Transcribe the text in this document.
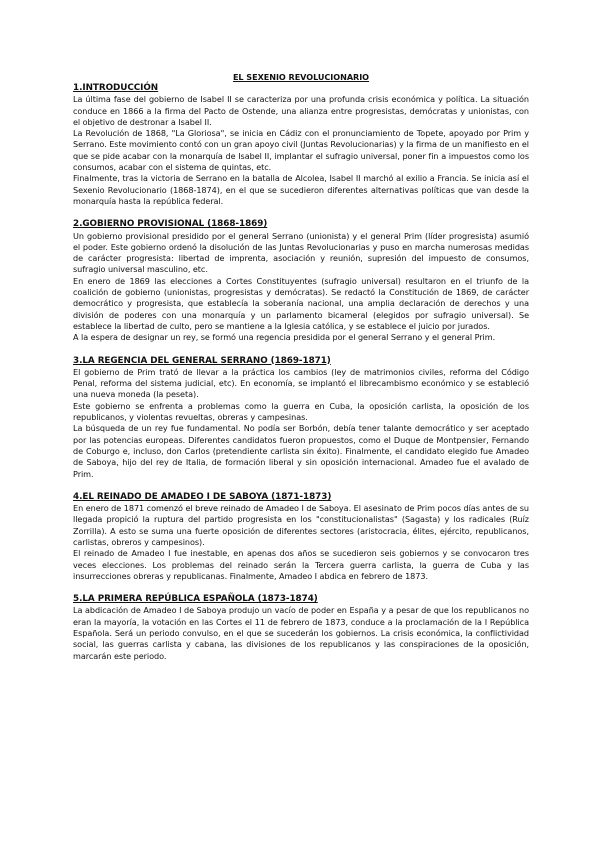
EL SEXENIO REVOLUCIONARIO

1.INTRODUCCIÓN

La última fase del gobierno de Isabel II se caracteriza por una profunda crisis económica y política. La situación conduce en 1866 a la firma del Pacto de Ostende, una alianza entre progresistas, demócratas y unionistas, con el objetivo de destronar a Isabel II.

La Revolución de 1868, "La Gloriosa", se inicia en Cádiz con el pronunciamiento de Topete, apoyado por Prim y Serrano. Este movimiento contó con un gran apoyo civil (Juntas Revolucionarias) y la firma de un manifiesto en el que se pide acabar con la monarquía de Isabel II, implantar el sufragio universal, poner fin a impuestos como los consumos, acabar con el sistema de quintas, etc.

Finalmente, tras la victoria de Serrano en la batalla de Alcolea, Isabel II marchó al exilio a Francia. Se inicia así el Sexenio Revolucionario (1868-1874), en el que se sucedieron diferentes alternativas políticas que van desde la monarquía hasta la república federal.

2.GOBIERNO PROVISIONAL (1868-1869)

Un gobierno provisional presidido por el general Serrano (unionista) y el general Prim (líder progresista) asumió el poder. Este gobierno ordenó la disolución de las Juntas Revolucionarias y puso en marcha numerosas medidas de carácter progresista: libertad de imprenta, asociación y reunión, supresión del impuesto de consumos, sufragio universal masculino, etc.

En enero de 1869 las elecciones a Cortes Constituyentes (sufragio universal) resultaron en el triunfo de la coalición de gobierno (unionistas, progresistas y demócratas). Se redactó la Constitución de 1869, de carácter democrático y progresista, que establecía la soberanía nacional, una amplia declaración de derechos y una división de poderes con una monarquía y un parlamento bicameral (elegidos por sufragio universal). Se establece la libertad de culto, pero se mantiene a la Iglesia católica, y se establece el juicio por jurados.

A la espera de designar un rey, se formó una regencia presidida por el general Serrano y el general Prim.

3.LA REGENCIA DEL GENERAL SERRANO (1869-1871)

El gobierno de Prim trató de llevar a la práctica los cambios (ley de matrimonios civiles, reforma del Código Penal, reforma del sistema judicial, etc). En economía, se implantó el librecambismo económico y se estableció una nueva moneda (la peseta).

Este gobierno se enfrenta a problemas como la guerra en Cuba, la oposición carlista, la oposición de los republicanos, y violentas revueltas, obreras y campesinas.

La búsqueda de un rey fue fundamental. No podía ser Borbón, debía tener talante democrático y ser aceptado por las potencias europeas. Diferentes candidatos fueron propuestos, como el Duque de Montpensier, Fernando de Coburgo e, incluso, don Carlos (pretendiente carlista sin éxito). Finalmente, el candidato elegido fue Amadeo de Saboya, hijo del rey de Italia, de formación liberal y sin oposición internacional. Amadeo fue el avalado de Prim.

4.EL REINADO DE AMADEO I DE SABOYA (1871-1873)

En enero de 1871 comenzó el breve reinado de Amadeo I de Saboya. El asesinato de Prim pocos días antes de su llegada propició la ruptura del partido progresista en los "constitucionalistas" (Sagasta) y los radicales (Ruíz Zorrilla). A esto se suma una fuerte oposición de diferentes sectores (aristocracia, élites, ejército, republicanos, carlistas, obreros y campesinos).

El reinado de Amadeo I fue inestable, en apenas dos años se sucedieron seis gobiernos y se convocaron tres veces elecciones. Los problemas del reinado serán la Tercera guerra carlista, la guerra de Cuba y las insurrecciones obreras y republicanas. Finalmente, Amadeo I abdica en febrero de 1873.

5.LA PRIMERA REPÚBLICA ESPAÑOLA (1873-1874)

La abdicación de Amadeo I de Saboya produjo un vacío de poder en España y a pesar de que los republicanos no eran la mayoría, la votación en las Cortes el 11 de febrero de 1873, conduce a la proclamación de la I República Española. Será un periodo convulso, en el que se sucederán los gobiernos. La crisis económica, la conflictividad social, las guerras carlista y cabana, las divisiones de los republicanos y las conspiraciones de la oposición, marcarán este periodo.
